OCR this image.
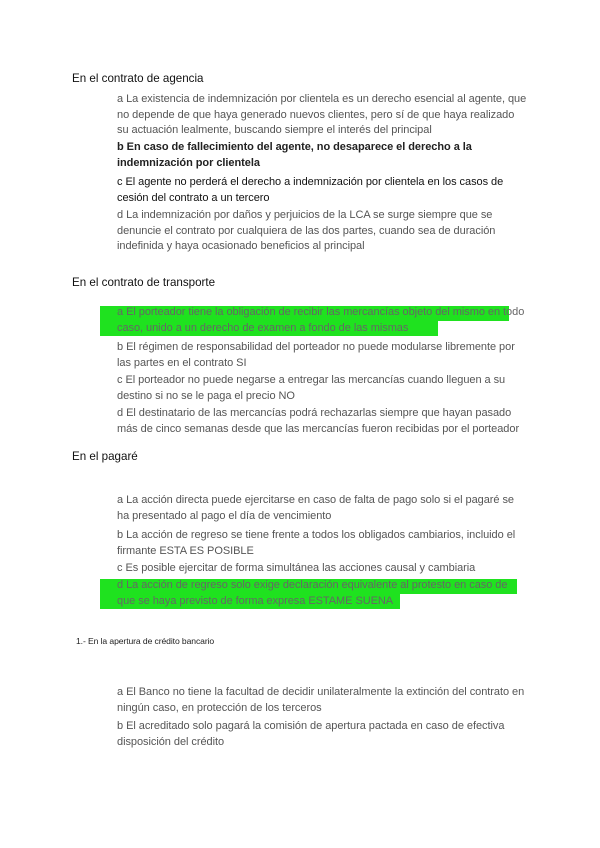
En el contrato de agencia
a La existencia de indemnización por clientela es un derecho esencial al agente, que no depende de que haya generado nuevos clientes, pero sí de que haya realizado su actuación lealmente, buscando siempre el interés del principal
b En caso de fallecimiento del agente, no desaparece el derecho a la indemnización por clientela
c El agente no perderá el derecho a indemnización por clientela en los casos de cesión del contrato a un tercero
d La indemnización por daños y perjuicios de la LCA se surge siempre que se denuncie el contrato por cualquiera de las dos partes, cuando sea de duración indefinida y haya ocasionado beneficios al principal
En el contrato de transporte
a El porteador tiene la obligación de recibir las mercancías objeto del mismo en todo caso, unido a un derecho de examen a fondo de las mismas
b El régimen de responsabilidad del porteador no puede modularse libremente por las partes en el contrato SI
c El porteador no puede negarse a entregar las mercancías cuando lleguen a su destino si no se le paga el precio NO
d El destinatario de las mercancías podrá rechazarlas siempre que hayan pasado más de cinco semanas desde que las mercancías fueron recibidas por el porteador
En el pagaré
a La acción directa puede ejercitarse en caso de falta de pago solo si el pagaré se ha presentado al pago el día de vencimiento
b La acción de regreso se tiene frente a todos los obligados cambiarios, incluido el firmante ESTA ES POSIBLE
c Es posible ejercitar de forma simultánea las acciones causal y cambiaria
d La acción de regreso solo exige declaración equivalente al protesto en caso de que se haya previsto de forma expresa ESTAME SUENA
1.- En la apertura de crédito bancario
a El Banco no tiene la facultad de decidir unilateralmente la extinción del contrato en ningún caso, en protección de los terceros
b El acreditado solo pagará la comisión de apertura pactada en caso de efectiva disposición del crédito
